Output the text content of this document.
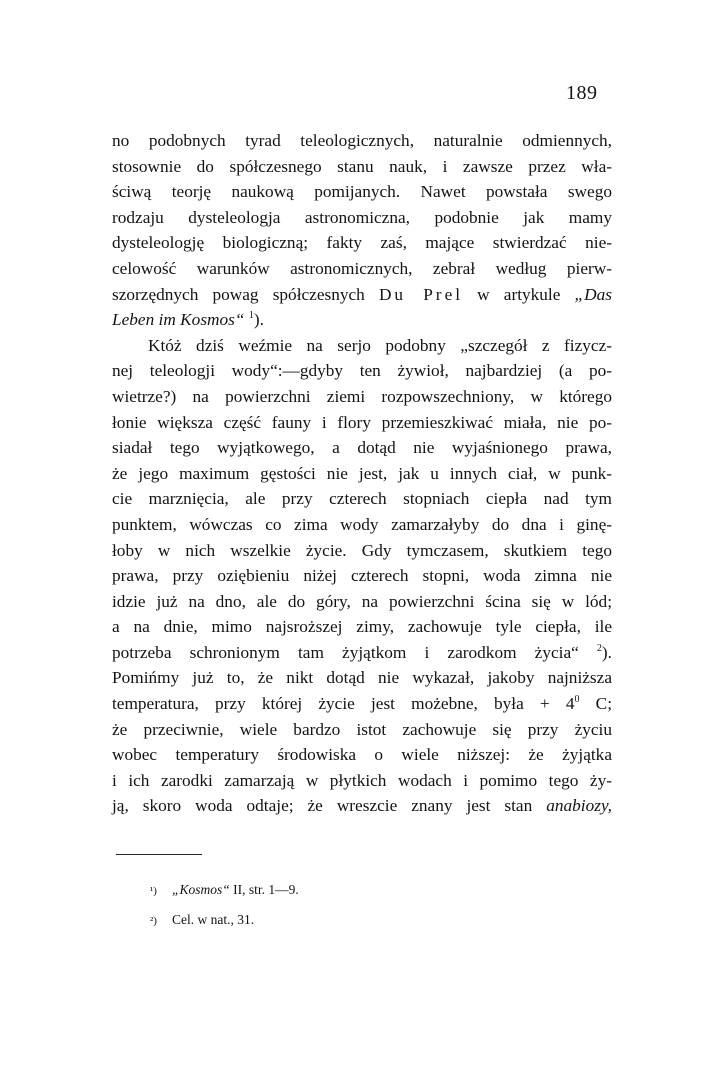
189
no podobnych tyrad teleologicznych, naturalnie odmiennych,
stosownie do spółczesnego stanu nauk, i zawsze przez wła-
ściwą teorję naukową pomijanych. Nawet powstała swego
rodzaju dysteleologja astronomiczna, podobnie jak mamy
dysteleologję biologiczną; fakty zaś, mające stwierdzać nie-
celowość warunków astronomicznych, zebrał według pierw-
szorzędnych powag spółczesnych Du Prel w artykule „Das
Leben im Kosmos“ $^1$).
Któż dziś weźmie na serjo podobny „szczegół z fizycz-
nej teleologji wody“:—gdyby ten żywioł, najbardziej (a po-
wietrze?) na powierzchni ziemi rozpowszechniony, w którego
łonie większa część fauny i flory przemieszkiwać miała, nie po-
siadał tego wyjątkowego, a dotąd nie wyjaśnionego prawa,
że jego maximum gęstości nie jest, jak u innych ciał, w punk-
cie marznięcia, ale przy czterech stopniach ciepła nad tym
punktem, wówczas co zima wody zamarzałyby do dna i ginę-
łoby w nich wszelkie życie. Gdy tymczasem, skutkiem tego
prawa, przy oziębieniu niżej czterech stopni, woda zimna nie
idzie już na dno, ale do góry, na powierzchni ścina się w lód;
a na dnie, mimo najsroższej zimy, zachowuje tyle ciepła, ile
potrzeba schronionym tam żyjątkom i zarodkom życia“ $^2$).
Pomińmy już to, że nikt dotąd nie wykazał, jakoby najniższa
temperatura, przy której życie jest możebne, była + $4^0$ C;
że przeciwnie, wiele bardzo istot zachowuje się przy życiu
wobec temperatury środowiska o wiele niższej: że żyjątka
i ich zarodki zamarzają w płytkich wodach i pomimo tego ży-
ją, skoro woda odtaje; że wreszcie znany jest stan anabiozy,
¹) „Kosmos“ II, str. 1—9.
²) Cel. w nat., 31.
